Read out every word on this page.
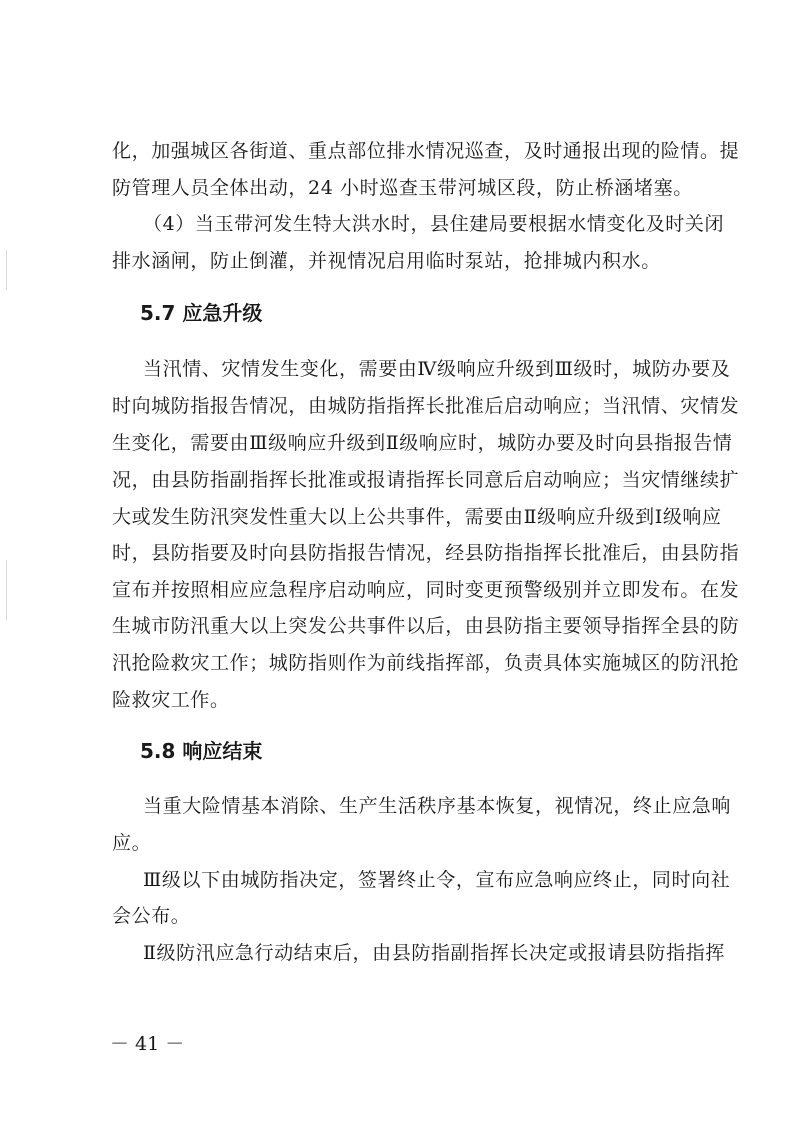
化，加强城区各街道、重点部位排水情况巡查，及时通报出现的险情。提
防管理人员全体出动，24 小时巡查玉带河城区段，防止桥涵堵塞。
（4）当玉带河发生特大洪水时，县住建局要根据水情变化及时关闭
排水涵闸，防止倒灌，并视情况启用临时泵站，抢排城内积水。
5.7 应急升级
当汛情、灾情发生变化，需要由Ⅳ级响应升级到Ⅲ级时，城防办要及
时向城防指报告情况，由城防指指挥长批准后启动响应；当汛情、灾情发
生变化，需要由Ⅲ级响应升级到Ⅱ级响应时，城防办要及时向县指报告情
况，由县防指副指挥长批准或报请指挥长同意后启动响应；当灾情继续扩
大或发生防汛突发性重大以上公共事件，需要由Ⅱ级响应升级到Ⅰ级响应
时，县防指要及时向县防指报告情况，经县防指指挥长批准后，由县防指
宣布并按照相应应急程序启动响应，同时变更预警级别并立即发布。在发
生城市防汛重大以上突发公共事件以后，由县防指主要领导指挥全县的防
汛抢险救灾工作；城防指则作为前线指挥部，负责具体实施城区的防汛抢
险救灾工作。
5.8 响应结束
当重大险情基本消除、生产生活秩序基本恢复，视情况，终止应急响
应。
Ⅲ级以下由城防指决定，签署终止令，宣布应急响应终止，同时向社
会公布。
Ⅱ级防汛应急行动结束后，由县防指副指挥长决定或报请县防指指挥
－ 41 －
